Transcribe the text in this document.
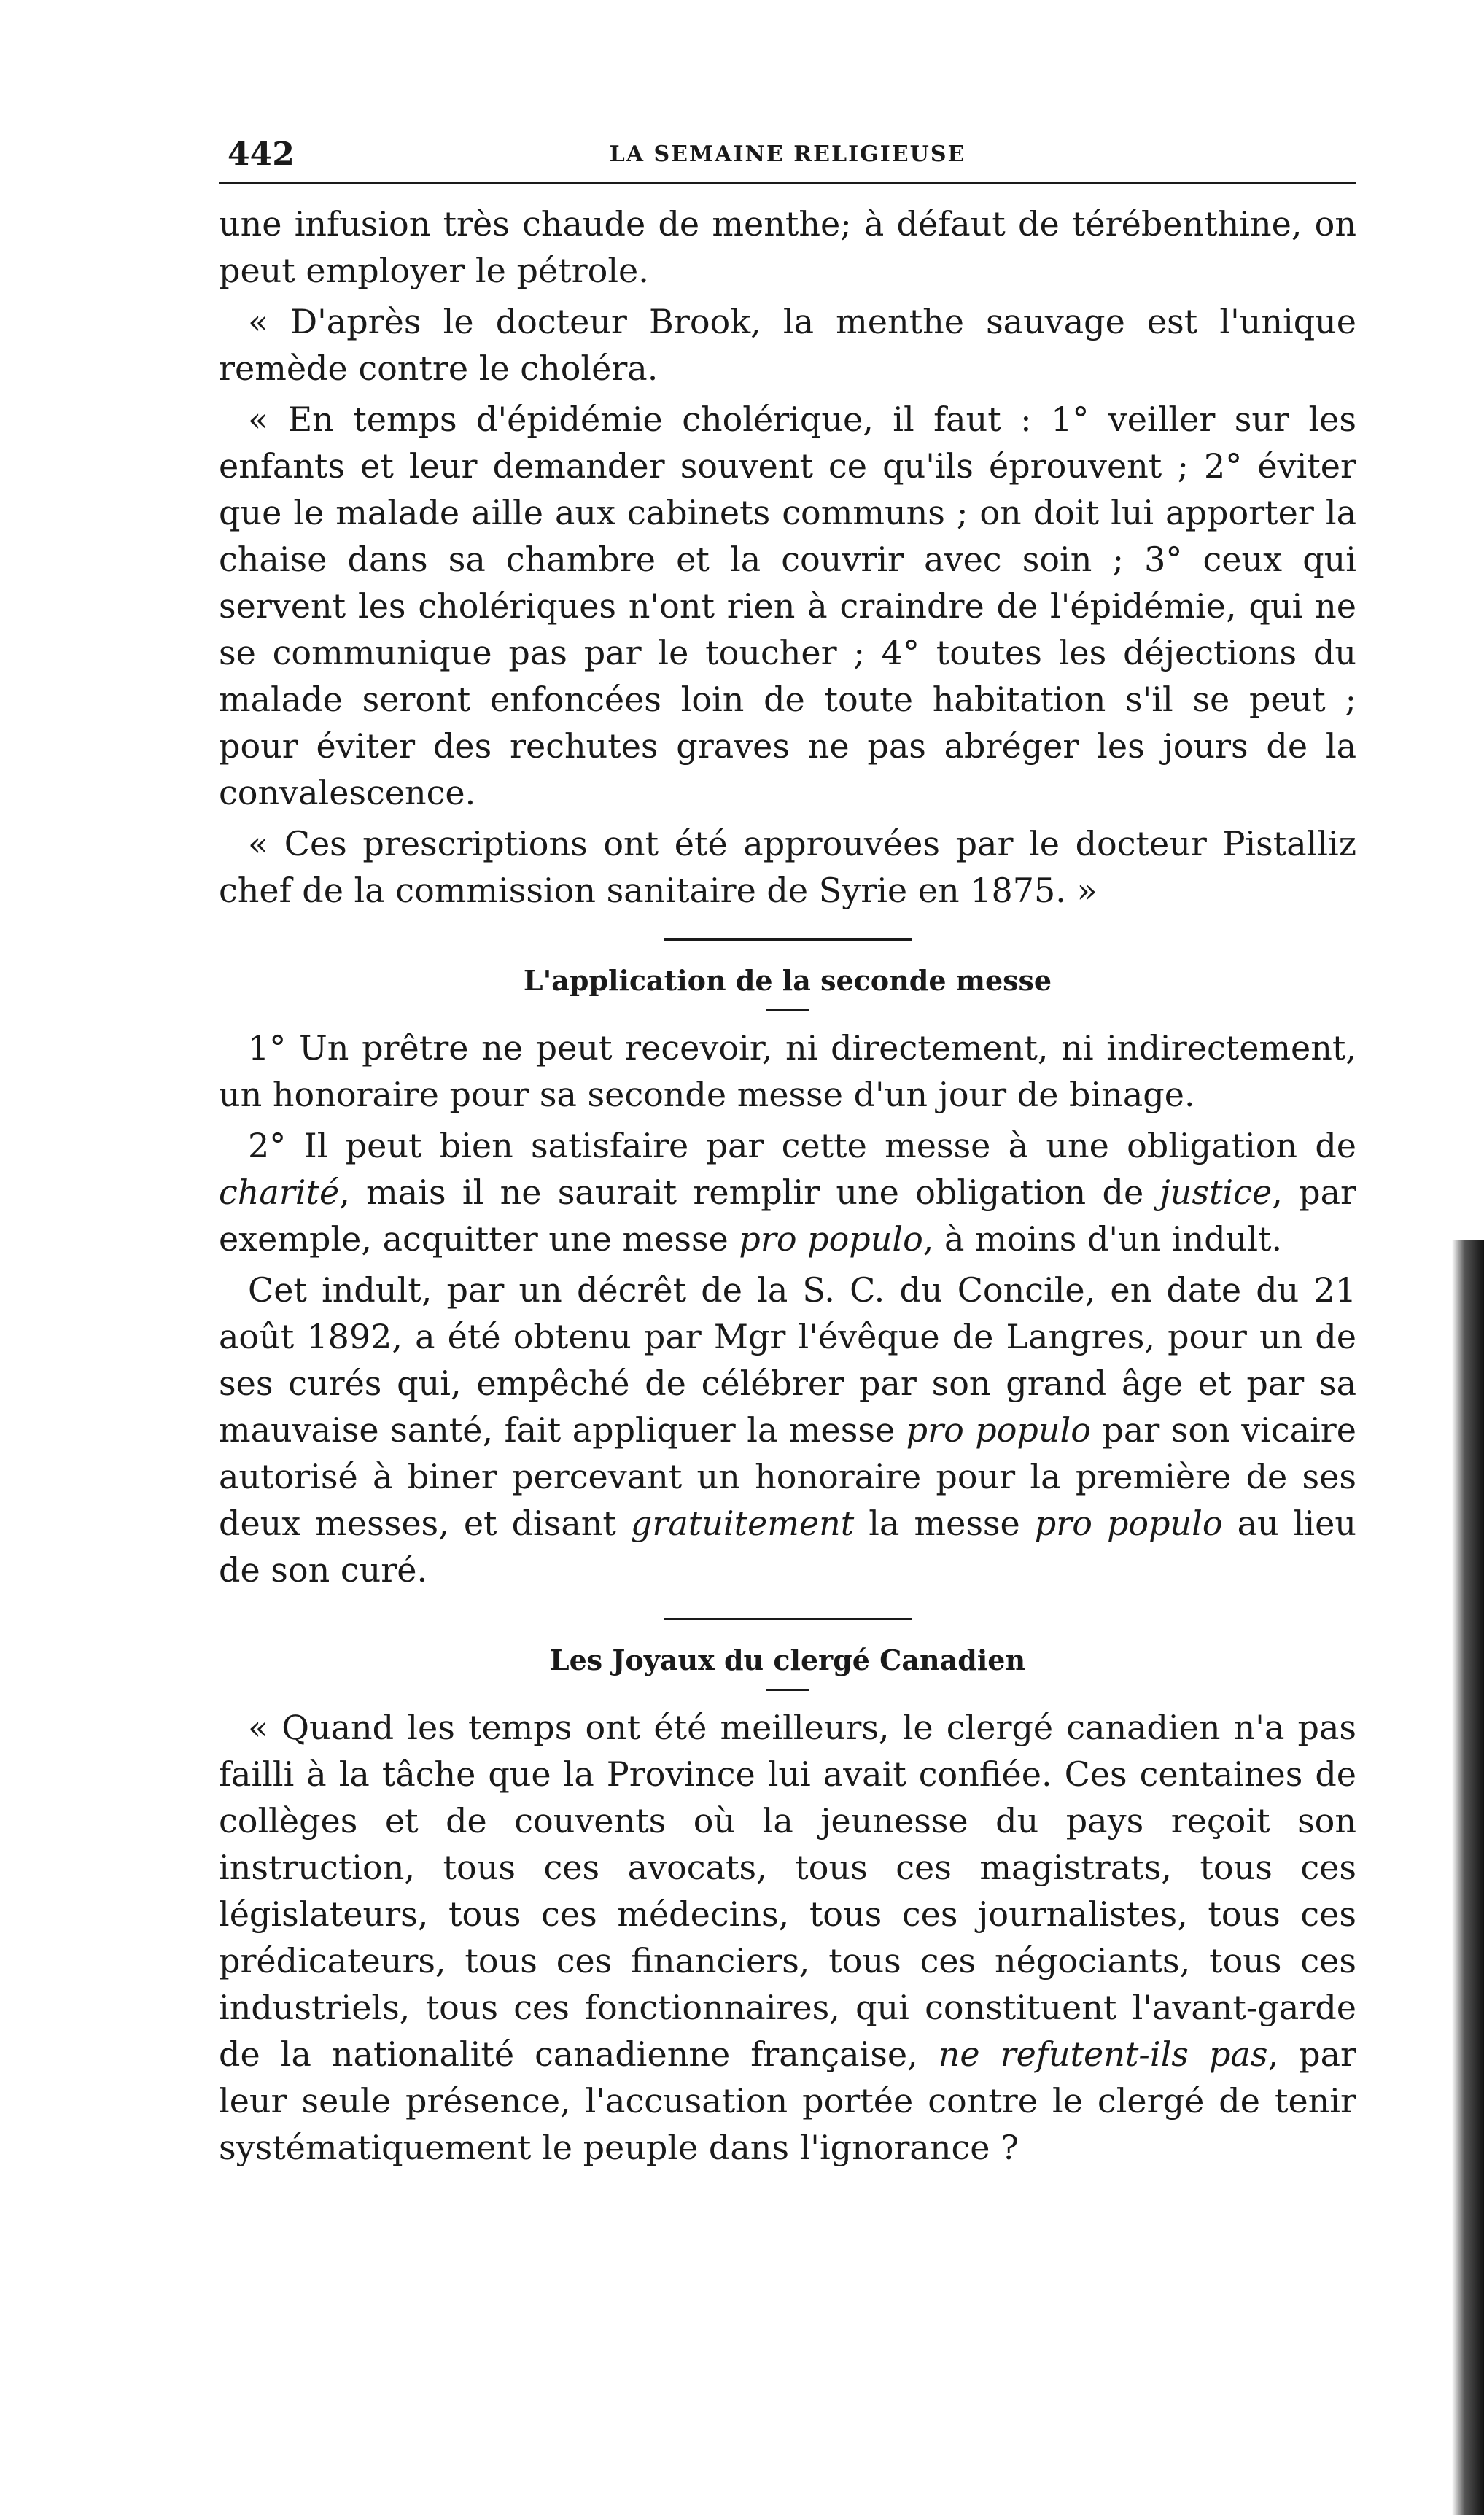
442	LA SEMAINE RELIGIEUSE

une infusion très chaude de menthe; à défaut de térébenthine, on peut employer le pétrole.

« D'après le docteur Brook, la menthe sauvage est l'unique remède contre le choléra.

« En temps d'épidémie cholérique, il faut : 1° veiller sur les enfants et leur demander souvent ce qu'ils éprouvent ; 2° éviter que le malade aille aux cabinets communs ; on doit lui apporter la chaise dans sa chambre et la couvrir avec soin ; 3° ceux qui servent les cholériques n'ont rien à craindre de l'épidémie, qui ne se communique pas par le toucher ; 4° toutes les déjections du malade seront enfoncées loin de toute habitation s'il se peut ; pour éviter des rechutes graves ne pas abréger les jours de la convalescence.

« Ces prescriptions ont été approuvées par le docteur Pistalliz chef de la commission sanitaire de Syrie en 1875. »

L'application de la seconde messe

1° Un prêtre ne peut recevoir, ni directement, ni indirectement, un honoraire pour sa seconde messe d'un jour de binage.

2° Il peut bien satisfaire par cette messe à une obligation de charité, mais il ne saurait remplir une obligation de justice, par exemple, acquitter une messe pro populo, à moins d'un indult.

Cet indult, par un décrêt de la S. C. du Concile, en date du 21 août 1892, a été obtenu par Mgr l'évêque de Langres, pour un de ses curés qui, empêché de célébrer par son grand âge et par sa mauvaise santé, fait appliquer la messe pro populo par son vicaire autorisé à biner percevant un honoraire pour la première de ses deux messes, et disant gratuitement la messe pro populo au lieu de son curé.

Les Joyaux du clergé Canadien

« Quand les temps ont été meilleurs, le clergé canadien n'a pas failli à la tâche que la Province lui avait confiée. Ces centaines de collèges et de couvents où la jeunesse du pays reçoit son instruction, tous ces avocats, tous ces magistrats, tous ces législateurs, tous ces médecins, tous ces journalistes, tous ces prédicateurs, tous ces financiers, tous ces négociants, tous ces industriels, tous ces fonctionnaires, qui constituent l'avant-garde de la nationalité canadienne française, ne refutent-ils pas, par leur seule présence, l'accusation portée contre le clergé de tenir systématiquement le peuple dans l'ignorance ?
